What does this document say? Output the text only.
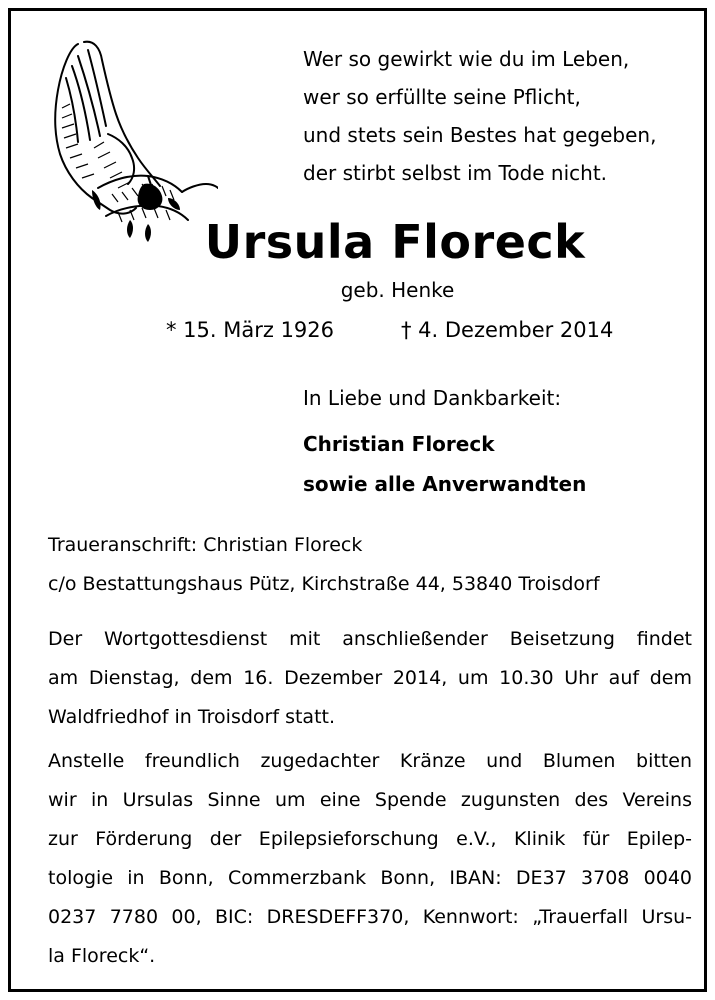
Wer so gewirkt wie du im Leben,
wer so erfüllte seine Pflicht,
und stets sein Bestes hat gegeben,
der stirbt selbst im Tode nicht.
Ursula Floreck
geb. Henke
* 15. März 1926	† 4. Dezember 2014
In Liebe und Dankbarkeit:
Christian Floreck
sowie alle Anverwandten
Traueranschrift: Christian Floreck
c/o Bestattungshaus Pütz, Kirchstraße 44, 53840 Troisdorf
Der Wortgottesdienst mit anschließender Beisetzung findet
am Dienstag, dem 16. Dezember 2014, um 10.30 Uhr auf dem
Waldfriedhof in Troisdorf statt.
Anstelle freundlich zugedachter Kränze und Blumen bitten
wir in Ursulas Sinne um eine Spende zugunsten des Vereins
zur Förderung der Epilepsieforschung e.V., Klinik für Epilep-
tologie in Bonn, Commerzbank Bonn, IBAN: DE37 3708 0040
0237 7780 00, BIC: DRESDEFF370, Kennwort: „Trauerfall Ursu-
la Floreck“.
